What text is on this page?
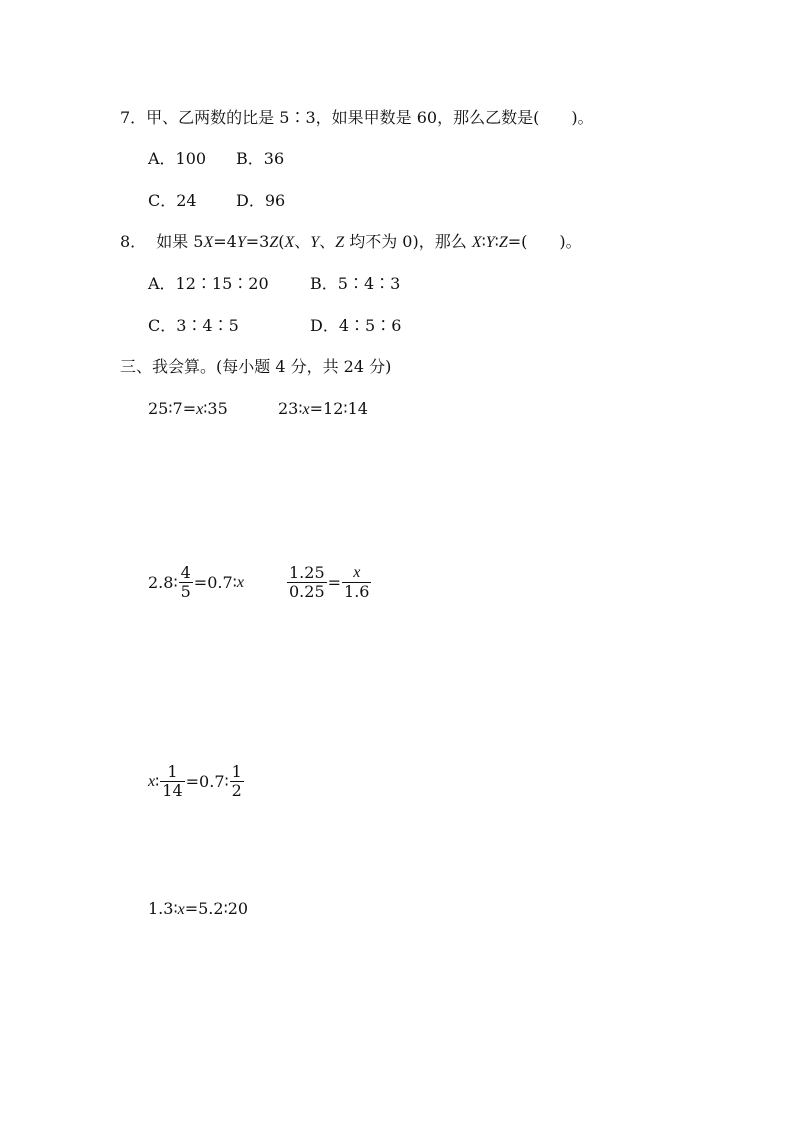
7．甲、乙两数的比是 5∶3，如果甲数是 60，那么乙数是(　　)。
A．100 B．36
C．24 D．96
8． 如果 5X=4Y=3Z(X、Y、Z 均不为 0)，那么 X∶Y∶Z=(　　)。
A．12∶15∶20	B．5∶4∶3
C．3∶4∶5	D．4∶5∶6
三、我会算。(每小题 4 分，共 24 分)
25∶7=x∶35	23∶x=12∶14
2.8∶ $\frac{4}{5}$ =0.7∶ x	$\frac{1.25}{0.25} = \frac{x}{1.6}$
x ∶ $\frac{1}{14}$ =0.7∶ $\frac{1}{2}$
1.3∶x=5.2∶20
